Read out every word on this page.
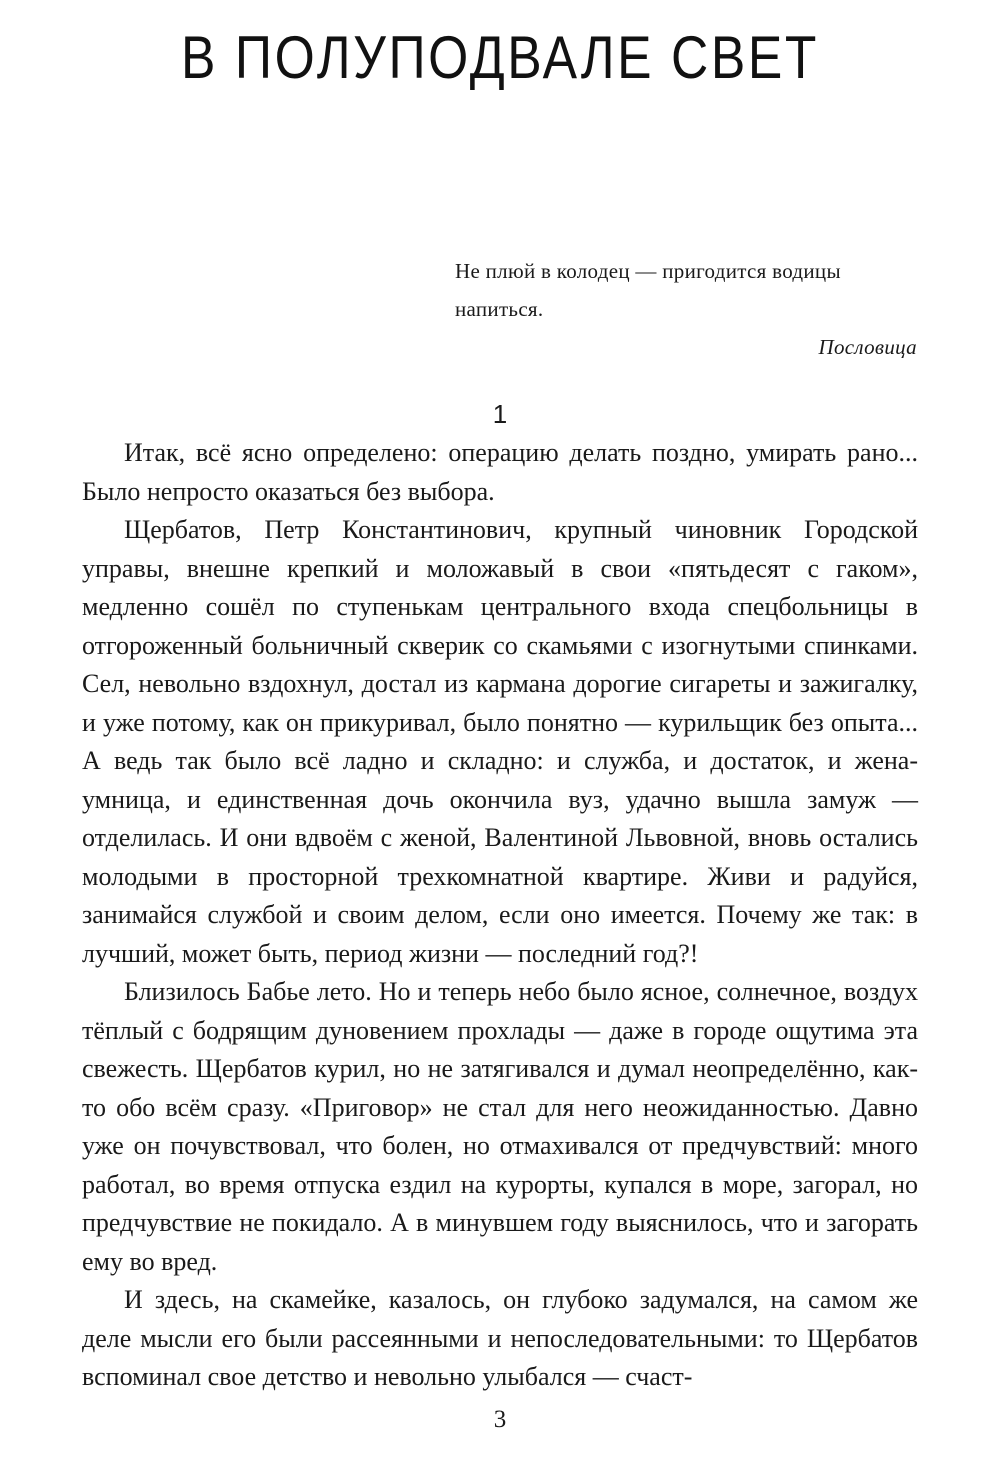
В ПОЛУПОДВАЛЕ СВЕТ

Не плюй в колодец — пригодится водицы напиться.

Пословица

1

Итак, всё ясно определено: операцию делать поздно, умирать рано... Было непросто оказаться без выбора.

Щербатов, Петр Константинович, крупный чиновник Городской управы, внешне крепкий и моложавый в свои «пятьдесят с гаком», медленно сошёл по ступенькам центрального входа спецбольницы в отгороженный больничный скверик со скамьями с изогнутыми спинками. Сел, невольно вздохнул, достал из кармана дорогие сигареты и зажигалку, и уже потому, как он прикуривал, было понятно — курильщик без опыта... А ведь так было всё ладно и складно: и служба, и достаток, и жена-умница, и единственная дочь окончила вуз, удачно вышла замуж — отделилась. И они вдвоём с женой, Валентиной Львовной, вновь остались молодыми в просторной трехкомнатной квартире. Живи и радуйся, занимайся службой и своим делом, если оно имеется. Почему же так: в лучший, может быть, период жизни — последний год?!

Близилось Бабье лето. Но и теперь небо было ясное, солнечное, воздух тёплый с бодрящим дуновением прохлады — даже в городе ощутима эта свежесть. Щербатов курил, но не затягивался и думал неопределённо, как-то обо всём сразу. «Приговор» не стал для него неожиданностью. Давно уже он почувствовал, что болен, но отмахивался от предчувствий: много работал, во время отпуска ездил на курорты, купался в море, загорал, но предчувствие не покидало. А в минувшем году выяснилось, что и загорать ему во вред.

И здесь, на скамейке, казалось, он глубоко задумался, на самом же деле мысли его были рассеянными и непоследовательными: то Щербатов вспоминал свое детство и невольно улыбался — счаст-

3
